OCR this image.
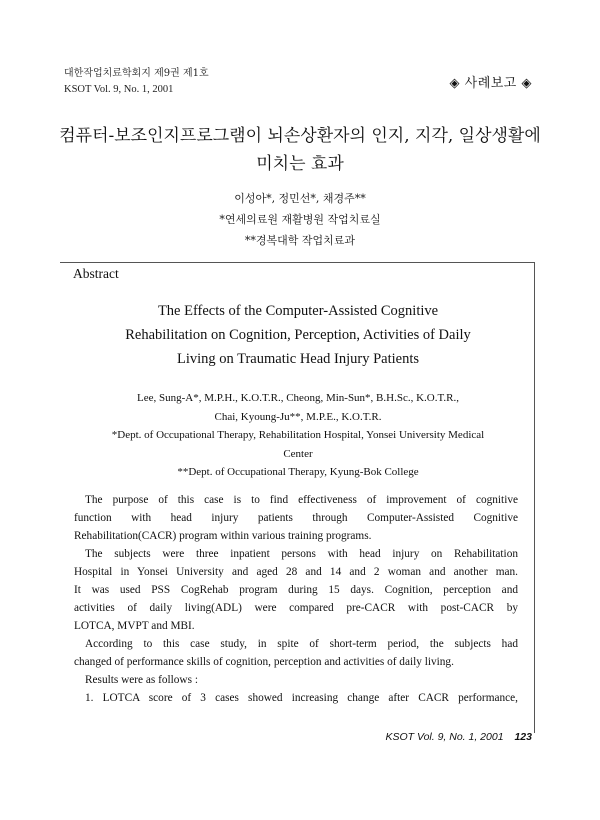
대한작업치료학회지 제9권 제1호
KSOT Vol. 9, No. 1, 2001	◈ 사례보고 ◈
컴퓨터-보조인지프로그램이 뇌손상환자의 인지, 지각, 일상생활에
미치는 효과
이성아*, 정민선*, 채경주**
*연세의료원 재활병원 작업치료실
**경복대학 작업치료과
Abstract
The Effects of the Computer-Assisted Cognitive
Rehabilitation on Cognition, Perception, Activities of Daily
Living on Traumatic Head Injury Patients
Lee, Sung-A*, M.P.H., K.O.T.R., Cheong, Min-Sun*, B.H.Sc., K.O.T.R.,
Chai, Kyoung-Ju**, M.P.E., K.O.T.R.
*Dept. of Occupational Therapy, Rehabilitation Hospital, Yonsei University Medical
Center
**Dept. of Occupational Therapy, Kyung-Bok College

The purpose of this case is to find effectiveness of improvement of cognitive

function with head injury patients through Computer-Assisted Cognitive

Rehabilitation(CACR) program within various training programs.

The subjects were three inpatient persons with head injury on Rehabilitation

Hospital in Yonsei University and aged 28 and 14 and 2 woman and another man.

It was used PSS CogRehab program during 15 days. Cognition, perception and

activities of daily living(ADL) were compared pre-CACR with post-CACR by

LOTCA, MVPT and MBI.

According to this case study, in spite of short-term period, the subjects had

changed of performance skills of cognition, perception and activities of daily living.

Results were as follows :

1. LOTCA score of 3 cases showed increasing change after CACR performance,

KSOT Vol. 9, No. 1, 2001 123
